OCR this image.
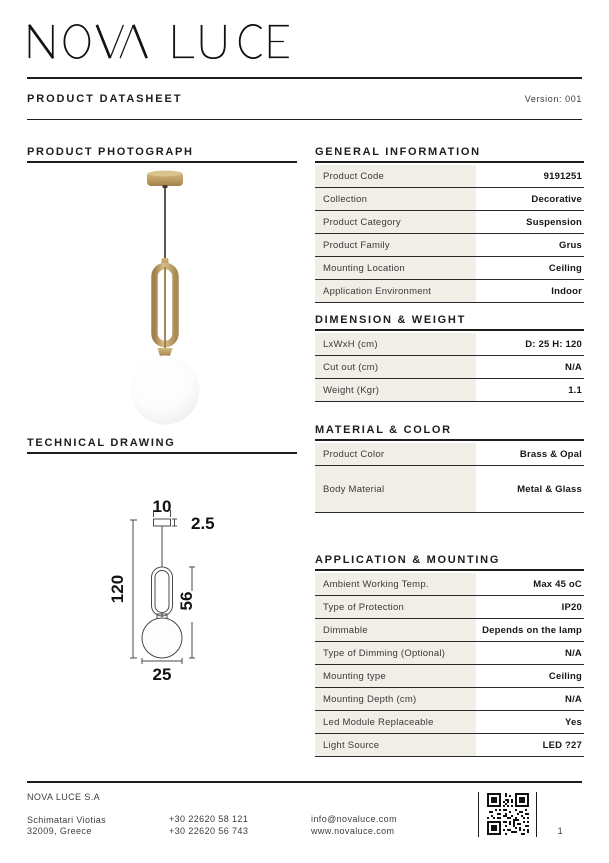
PRODUCT DATASHEET	Version: 001
PRODUCT PHOTOGRAPH
TECHNICAL DRAWING
10
2.5
120	56
25
GENERAL INFORMATION
Product Code	9191251
Collection	Decorative
Product Category	Suspension
Product Family	Grus
Mounting Location	Ceiling
Application Environment	Indoor
DIMENSION & WEIGHT
LxWxH (cm)	D: 25 H: 120
Cut out (cm)	N/A
Weight (Kgr)	1.1
MATERIAL & COLOR
Product Color	Brass & Opal
Body Material	Metal & Glass
APPLICATION & MOUNTING
Ambient Working Temp.	Max 45 oC
Type of Protection	IP20
Dimmable	Depends on the lamp
Type of Dimming (Optional)	N/A
Mounting type	Ceiling
Mounting Depth (cm)	N/A
Led Module Replaceable	Yes
Light Source	LED ?27

NOVA LUCE S.A

Schimatari Viotias
32009, Greece
+30 22620 58 121
+30 22620 56 743
info@novaluce.com
www.novaluce.com	1
